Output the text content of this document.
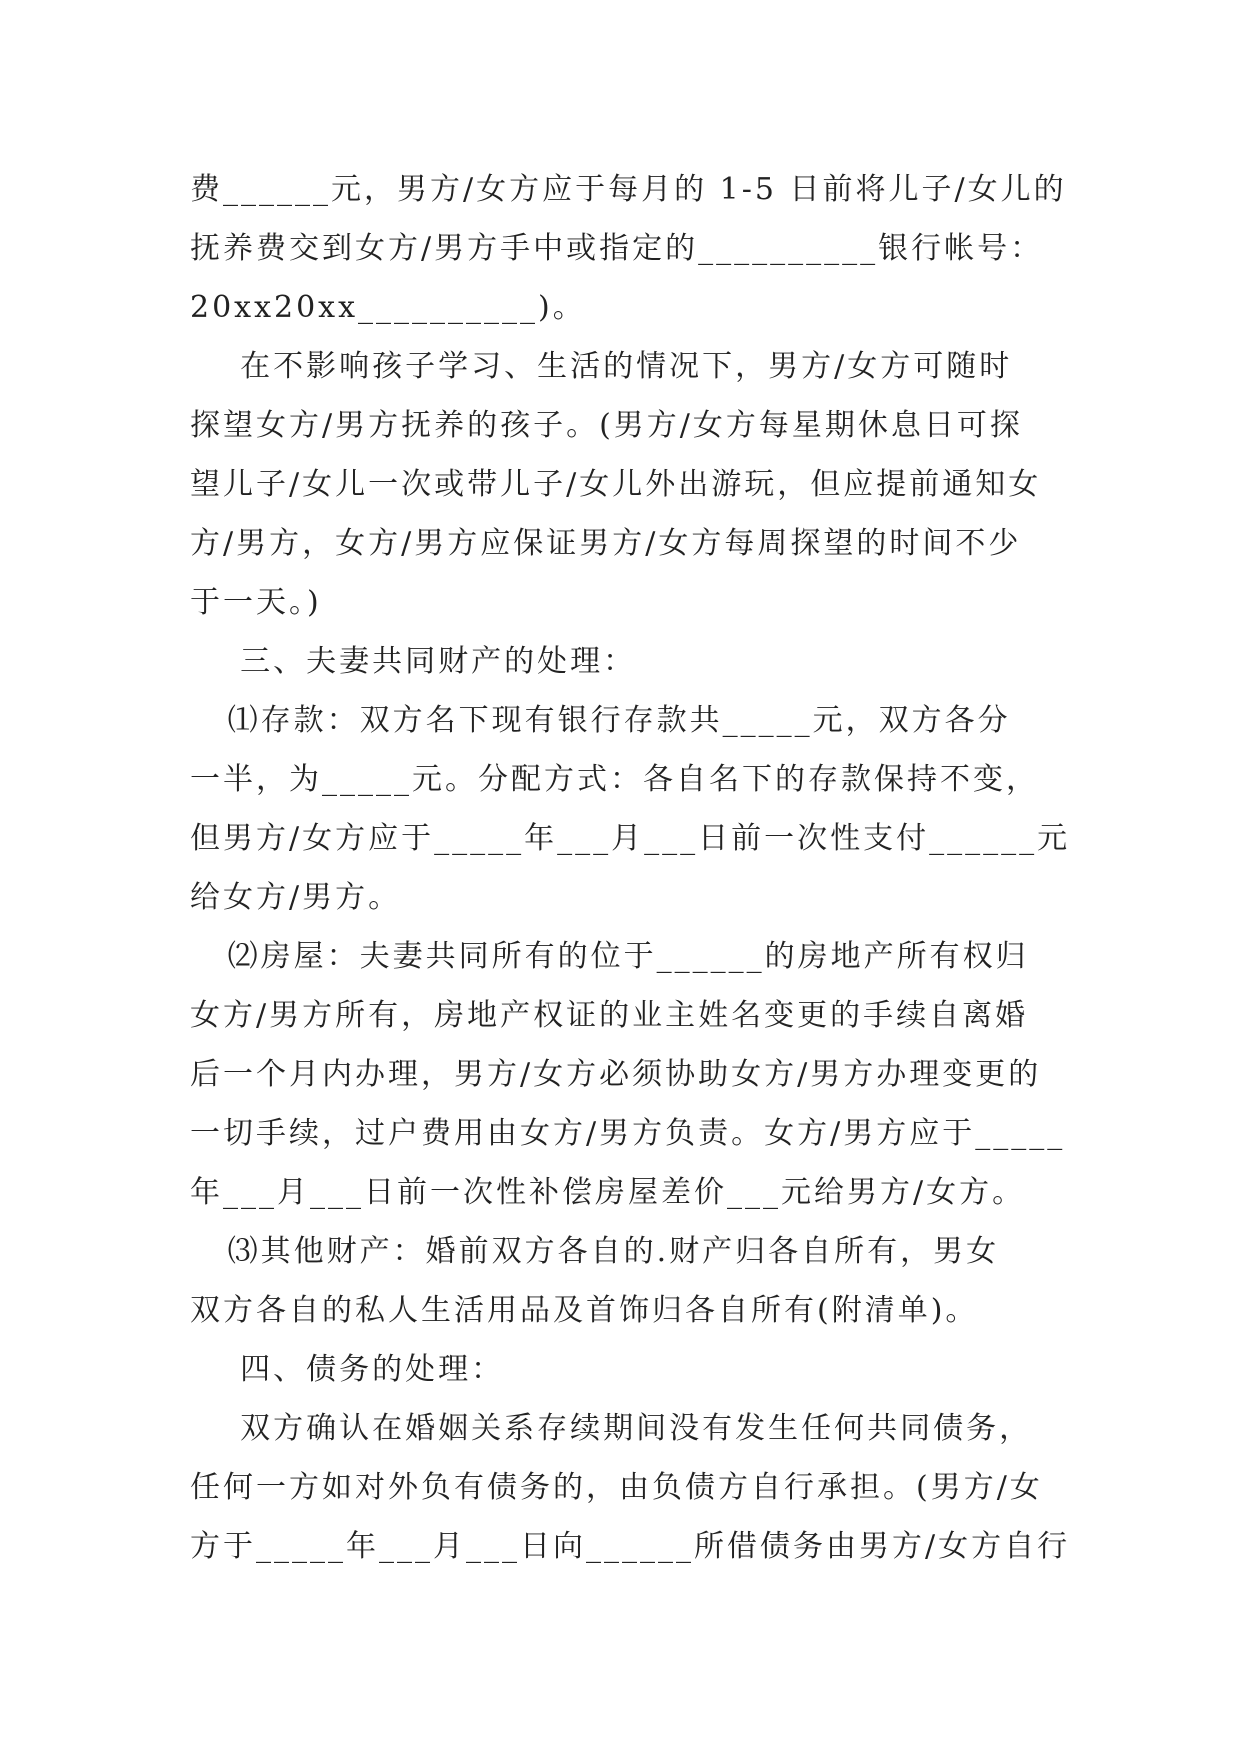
费______元，男方/女方应于每月的 1-5 日前将儿子/女儿的
抚养费交到女方/男方手中或指定的__________银行帐号：
20xx20xx__________)。
在不影响孩子学习、生活的情况下，男方/女方可随时
探望女方/男方抚养的孩子。(男方/女方每星期休息日可探
望儿子/女儿一次或带儿子/女儿外出游玩，但应提前通知女
方/男方，女方/男方应保证男方/女方每周探望的时间不少
于一天。)
三、夫妻共同财产的处理：
⑴存款：双方名下现有银行存款共_____元，双方各分
一半，为_____元。分配方式：各自名下的存款保持不变，
但男方/女方应于_____年___月___日前一次性支付______元
给女方/男方。
⑵房屋：夫妻共同所有的位于______的房地产所有权归
女方/男方所有，房地产权证的业主姓名变更的手续自离婚
后一个月内办理，男方/女方必须协助女方/男方办理变更的
一切手续，过户费用由女方/男方负责。女方/男方应于_____
年___月___日前一次性补偿房屋差价___元给男方/女方。
⑶其他财产：婚前双方各自的.财产归各自所有，男女
双方各自的私人生活用品及首饰归各自所有(附清单)。
四、债务的处理：
双方确认在婚姻关系存续期间没有发生任何共同债务，
任何一方如对外负有债务的，由负债方自行承担。(男方/女
方于_____年___月___日向______所借债务由男方/女方自行
